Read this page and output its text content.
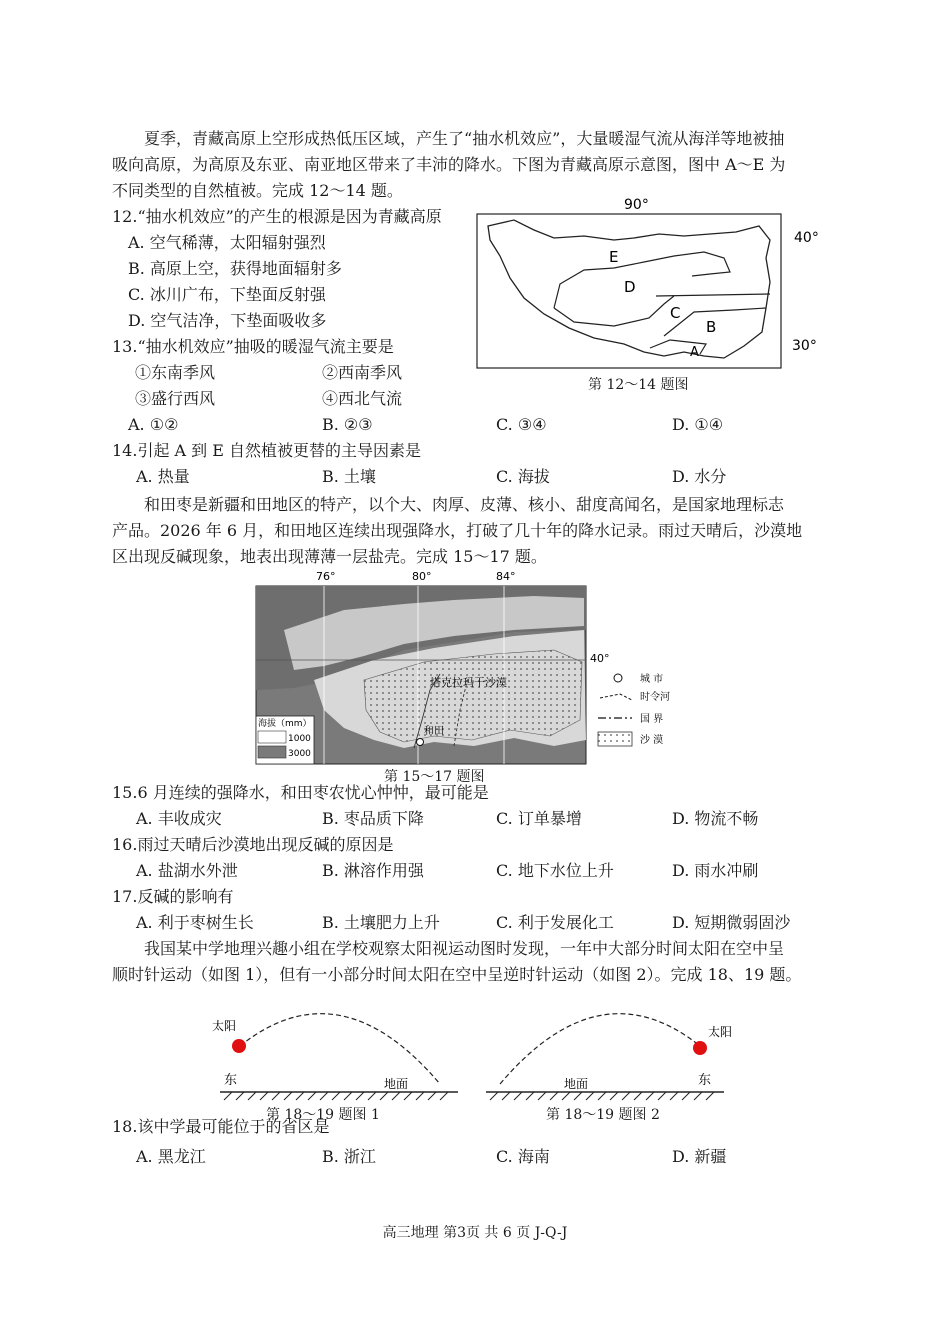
夏季，青藏高原上空形成热低压区域，产生了“抽水机效应”，大量暖湿气流从海洋等地被抽
吸向高原，为高原及东亚、南亚地区带来了丰沛的降水。下图为青藏高原示意图，图中 A～E 为
不同类型的自然植被。完成 12～14 题。
90°
40°
30°
E
D
C
B
A
第 12～14 题图
12.“抽水机效应”的产生的根源是因为青藏高原
A. 空气稀薄，太阳辐射强烈
B. 高原上空，获得地面辐射多
C. 冰川广布，下垫面反射强
D. 空气洁净，下垫面吸收多
13.“抽水机效应”抽吸的暖湿气流主要是
①东南季风	②西南季风
③盛行西风	④西北气流
A. ①②	B. ②③	C. ③④	D. ①④
14.引起 A 到 E 自然植被更替的主导因素是
A. 热量	B. 土壤	C. 海拔	D. 水分
和田枣是新疆和田地区的特产，以个大、肉厚、皮薄、核小、甜度高闻名，是国家地理标志
产品。2026 年 6 月，和田地区连续出现强降水，打破了几十年的降水记录。雨过天晴后，沙漠地
区出现反碱现象，地表出现薄薄一层盐壳。完成 15～17 题。
76°	80°	84°
40°
塔克拉玛干沙漠
和田
海拔（mm）
1000
3000
城 市
时令河
国 界
沙 漠
第 15～17 题图
15.6 月连续的强降水，和田枣农忧心忡忡，最可能是
A. 丰收成灾	B. 枣品质下降	C. 订单暴增	D. 物流不畅
16.雨过天晴后沙漠地出现反碱的原因是
A. 盐湖水外泄	B. 淋溶作用强	C. 地下水位上升	D. 雨水冲刷
17.反碱的影响有
A. 利于枣树生长	B. 土壤肥力上升	C. 利于发展化工	D. 短期微弱固沙
我国某中学地理兴趣小组在学校观察太阳视运动图时发现，一年中大部分时间太阳在空中呈
顺时针运动（如图 1），但有一小部分时间太阳在空中呈逆时针运动（如图 2）。完成 18、19 题。
太阳
东	地面
第 18～19 题图 1
太阳
东
地面
第 18～19 题图 2
18.该中学最可能位于的省区是
A. 黑龙江	B. 浙江	C. 海南	D. 新疆
高三地理 第3页 共 6 页 J-Q-J
